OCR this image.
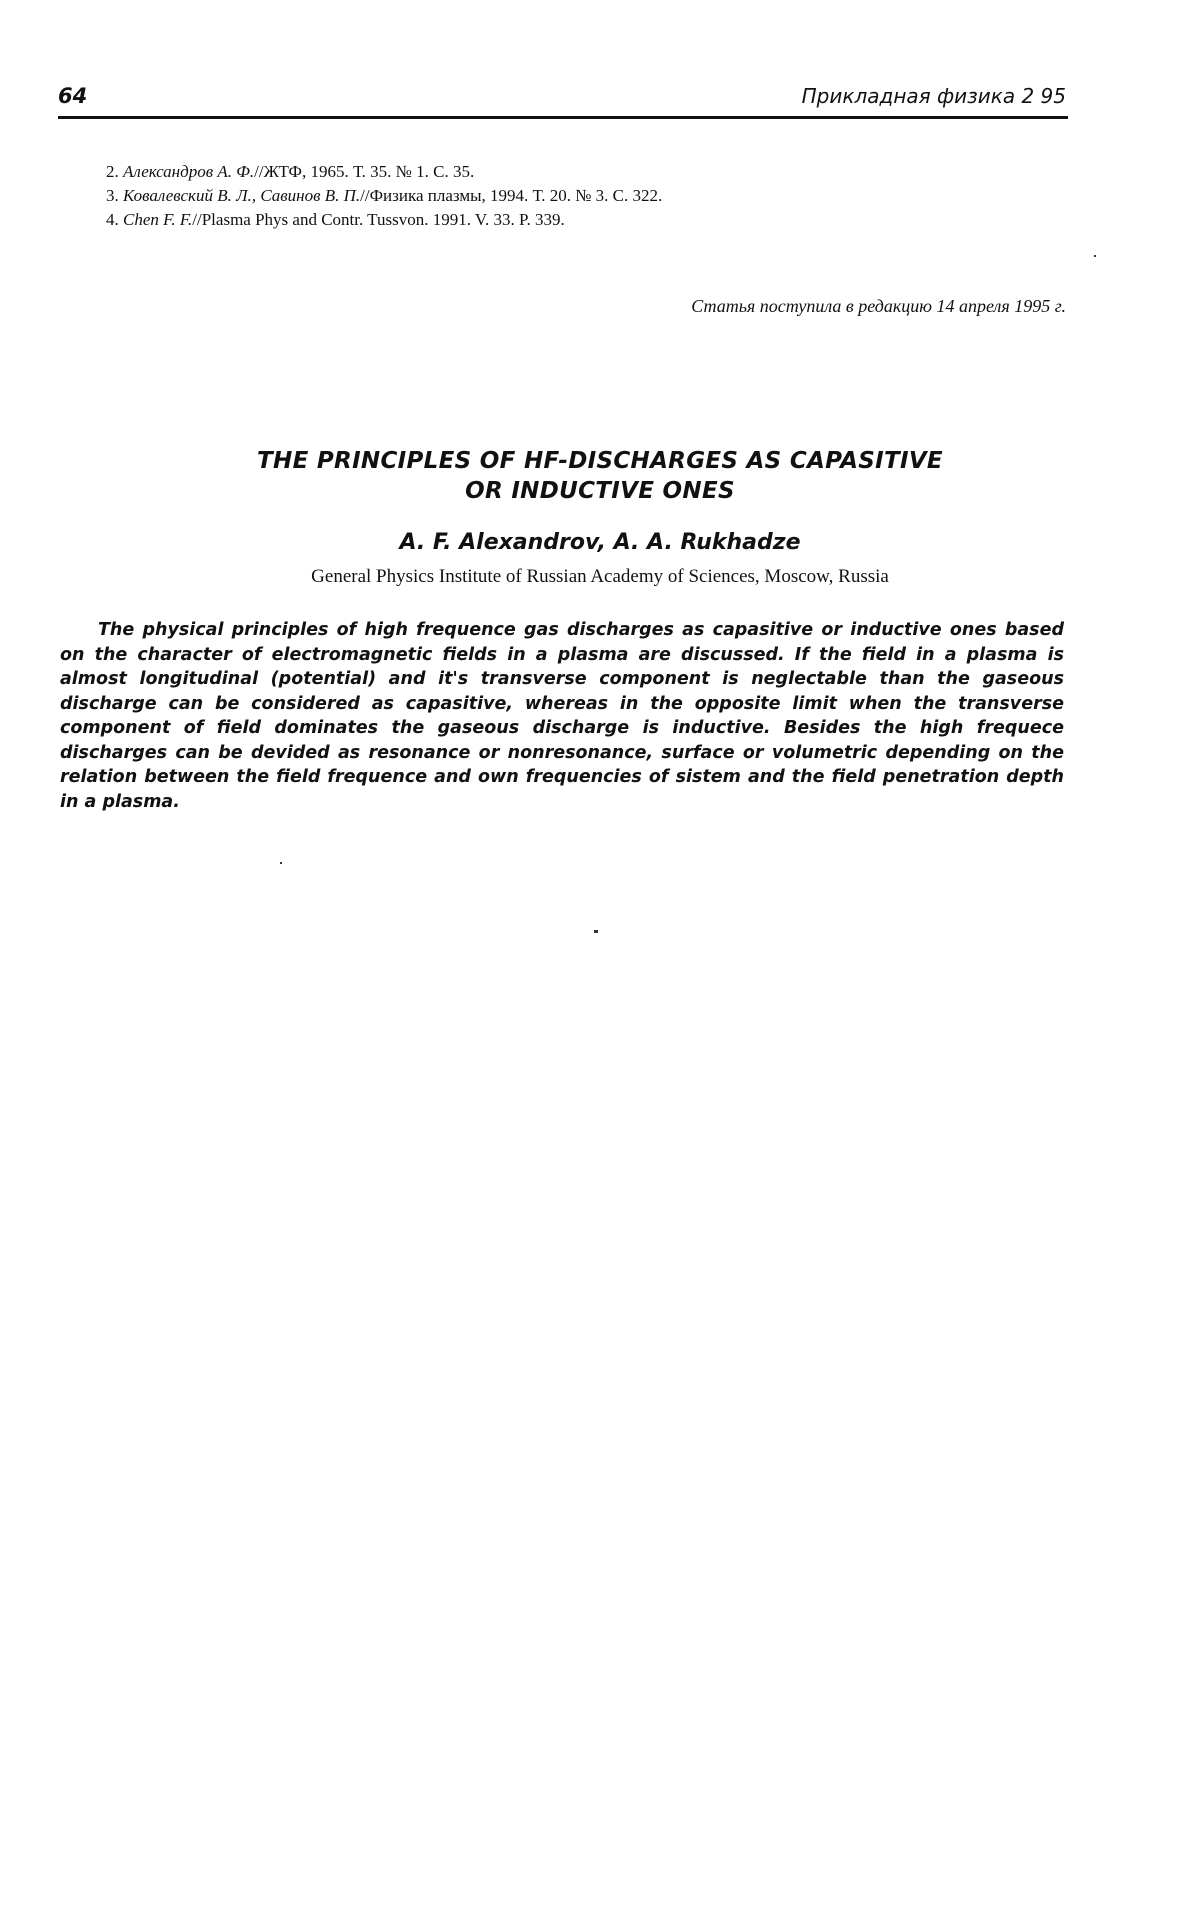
64	Прикладная физика 2 95
2. Александров А. Ф.//ЖТФ, 1965. Т. 35. № 1. С. 35.
3. Ковалевский В. Л., Савинов В. П.//Физика плазмы, 1994. Т. 20. № 3. С. 322.
4. Chen F. F.//Plasma Phys and Contr. Tussvon. 1991. V. 33. P. 339.
Статья поступила в редакцию 14 апреля 1995 г.
THE PRINCIPLES OF HF-DISCHARGES AS CAPASITIVE
OR INDUCTIVE ONES
A. F. Alexandrov, A. A. Rukhadze
General Physics Institute of Russian Academy of Sciences, Moscow, Russia
The physical principles of high frequence gas discharges as capasitive or inductive ones based on the character of electromagnetic fields in a plasma are discussed. If the field in a plasma is almost longitudinal (potential) and it's transverse component is neglectable than the gaseous discharge can be considered as capasitive, whereas in the opposite limit when the transverse component of field dominates the gaseous discharge is inductive. Besides the high frequece discharges can be devided as resonance or nonresonance, surface or volumetric depending on the relation between the field frequence and own frequencies of sistem and the field penetration depth in a plasma.
